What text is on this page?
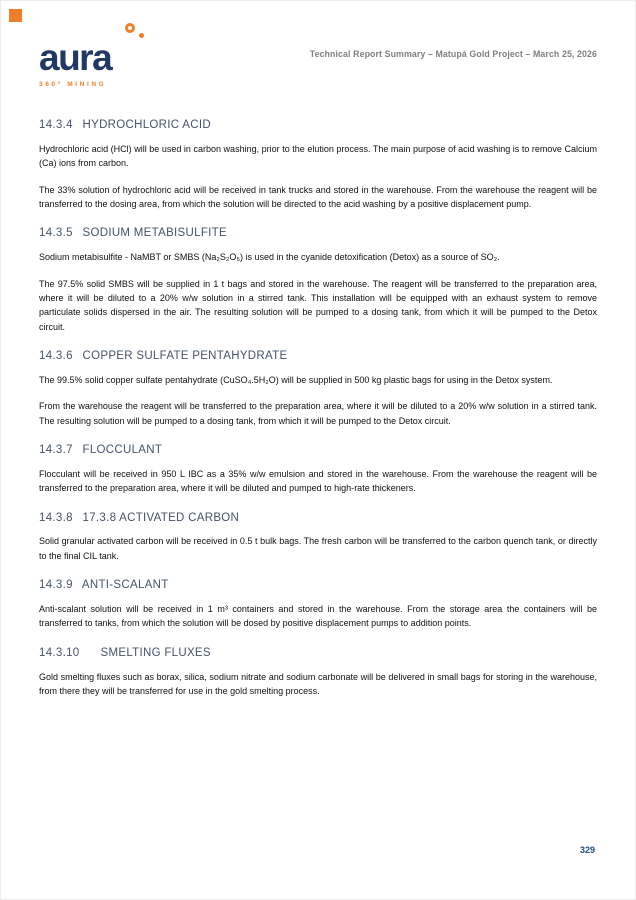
aura
360° MINING
Technical Report Summary – Matupá Gold Project – March 25, 2026
14.3.4 HYDROCHLORIC ACID

Hydrochloric acid (HCl) will be used in carbon washing, prior to the elution process. The main purpose of acid washing is to remove Calcium (Ca) ions from carbon.

The 33% solution of hydrochloric acid will be received in tank trucks and stored in the warehouse. From the warehouse the reagent will be transferred to the dosing area, from which the solution will be directed to the acid washing by a positive displacement pump.

14.3.5 SODIUM METABISULFITE

Sodium metabisulfite - NaMBT or SMBS (Na₂S₂O₅) is used in the cyanide detoxification (Detox) as a source of SO₂.

The 97.5% solid SMBS will be supplied in 1 t bags and stored in the warehouse. The reagent will be transferred to the preparation area, where it will be diluted to a 20% w/w solution in a stirred tank. This installation will be equipped with an exhaust system to remove particulate solids dispersed in the air. The resulting solution will be pumped to a dosing tank, from which it will be pumped to the Detox circuit.

14.3.6 COPPER SULFATE PENTAHYDRATE

The 99.5% solid copper sulfate pentahydrate (CuSO₄.5H₂O) will be supplied in 500 kg plastic bags for using in the Detox system.

From the warehouse the reagent will be transferred to the preparation area, where it will be diluted to a 20% w/w solution in a stirred tank. The resulting solution will be pumped to a dosing tank, from which it will be pumped to the Detox circuit.

14.3.7 FLOCCULANT

Flocculant will be received in 950 L IBC as a 35% w/w emulsion and stored in the warehouse. From the warehouse the reagent will be transferred to the preparation area, where it will be diluted and pumped to high-rate thickeners.

14.3.8 17.3.8 ACTIVATED CARBON

Solid granular activated carbon will be received in 0.5 t bulk bags. The fresh carbon will be transferred to the carbon quench tank, or directly to the final CIL tank.

14.3.9 ANTI-SCALANT

Anti-scalant solution will be received in 1 m³ containers and stored in the warehouse. From the storage area the containers will be transferred to tanks, from which the solution will be dosed by positive displacement pumps to addition points.

14.3.10 SMELTING FLUXES

Gold smelting fluxes such as borax, silica, sodium nitrate and sodium carbonate will be delivered in small bags for storing in the warehouse, from there they will be transferred for use in the gold smelting process.

329
